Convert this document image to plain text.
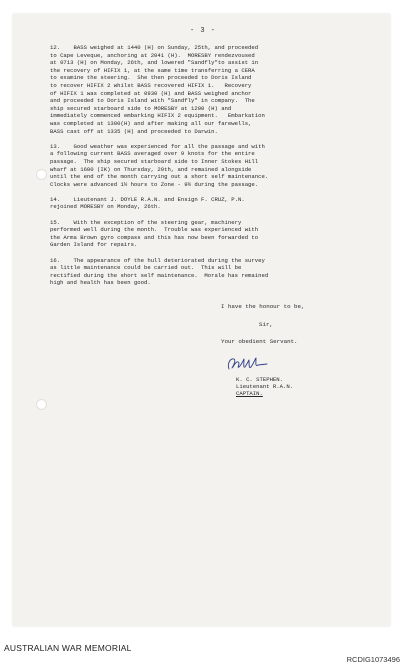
- 3 -
12.    BASS weighed at 1440 (H) on Sunday, 25th, and proceeded
to Cape Leveque, anchoring at 2041 (H).  MORESBY rendezvoused
at 0713 (H) on Monday, 26th, and lowered "Sandfly"to assist in
the recovery of HIFIX 1, at the same time transferring a CERA
to examine the steering.  She then proceeded to Doris Island
to recover HIFIX 2 whilst BASS recovered HIFIX 1.   Recovery
of HIFIX 1 was completed at 0930 (H) and BASS weighed anchor
and proceeded to Doris Island with "Sandfly" in company.  The
ship secured starboard side to MORESBY at 1200 (H) and
immediately commenced embarking HIFIX 2 equipment.   Embarkation
was completed at 1300(H) and after making all our farewells,
BASS cast off at 1335 (H) and proceeded to Darwin.
13.    Good weather was experienced for all the passage and with
a following current BASS averaged over 9 knots for the entire
passage.  The ship secured starboard side to Inner Stokes Hill
wharf at 1600 (IK) on Thursday, 29th, and remained alongside
until the end of the month carrying out a short self maintenance.
Clocks were advanced 1½ hours to Zone - 9½ during the passage.
14.    Lieutenant J. DOYLE R.A.N. and Ensign F. CRUZ, P.N.
rejoined MORESBY on Monday, 26th.
15.    With the exception of the steering gear, machinery
performed well during the month.  Trouble was experienced with
the Arma Brown gyro compass and this has now been forwarded to
Garden Island for repairs.
16.    The appearance of the hull deteriorated during the survey
as little maintenance could be carried out.  This will be
rectified during the short self maintenance.  Morale has remained
high and health has been good.
I have the honour to be,
Sir,
Your obedient Servant.
K. C. STEPHEN.
Lieutenant R.A.N.
CAPTAIN.
AUSTRALIAN WAR MEMORIAL
RCDIG1073496
